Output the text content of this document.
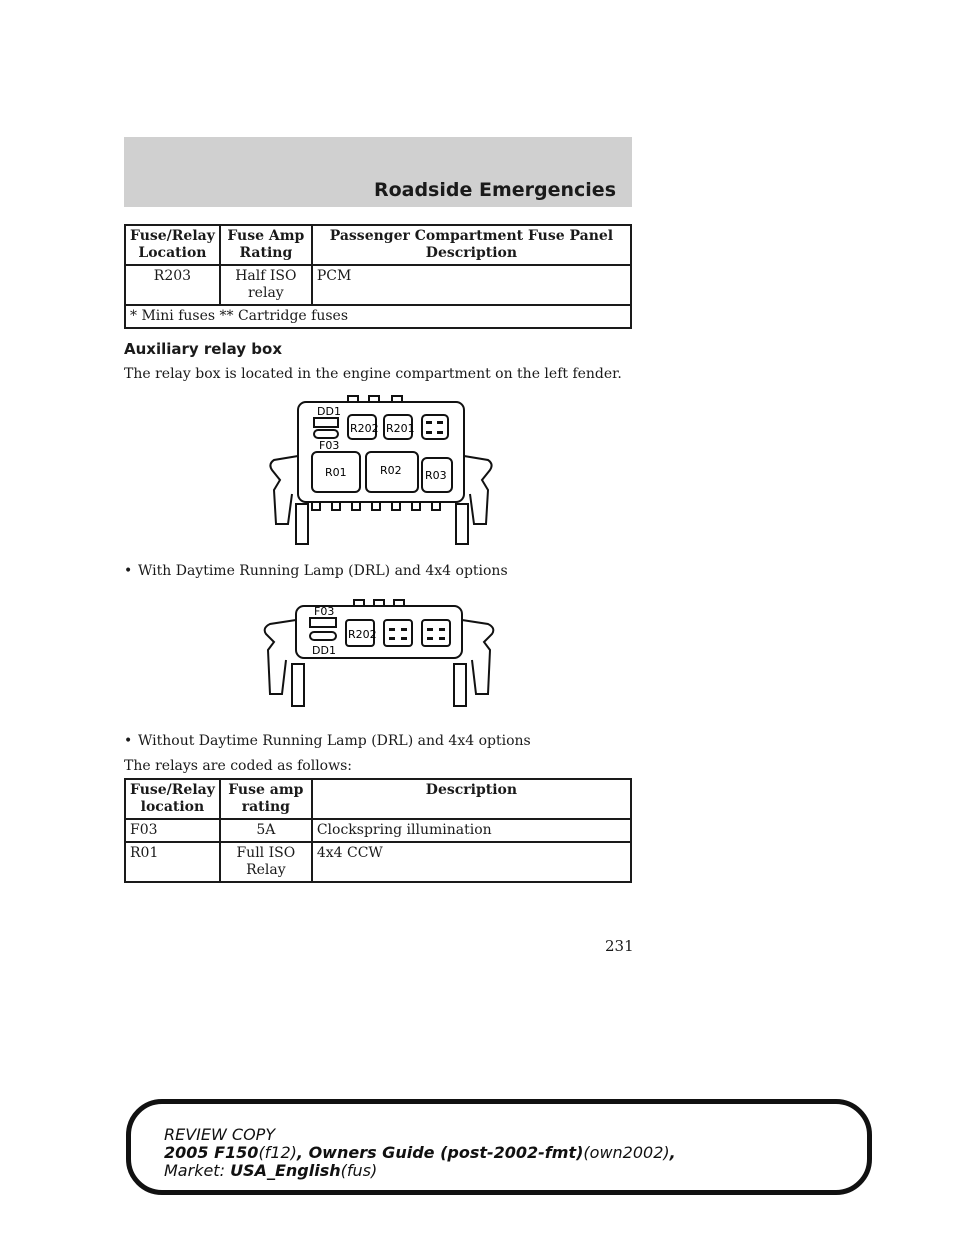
Roadside Emergencies
Fuse/Relay Location	Fuse Amp Rating	Passenger Compartment Fuse Panel Description
R203	Half ISO relay	PCM
* Mini fuses ** Cartridge fuses		
Auxiliary relay box
The relay box is located in the engine compartment on the left fender.
DD1
F03
R202 R201
R01	R02 R03
• With Daytime Running Lamp (DRL) and 4x4 options
F03
DD1
R202
• Without Daytime Running Lamp (DRL) and 4x4 options
The relays are coded as follows:
Fuse/Relay location	Fuse amp rating	Description
F03	5A	Clockspring illumination
R01	Full ISO Relay	4x4 CCW
231
REVIEW COPY
2005 F150(f12), Owners Guide (post-2002-fmt)(own2002),
Market: USA_English(fus)
